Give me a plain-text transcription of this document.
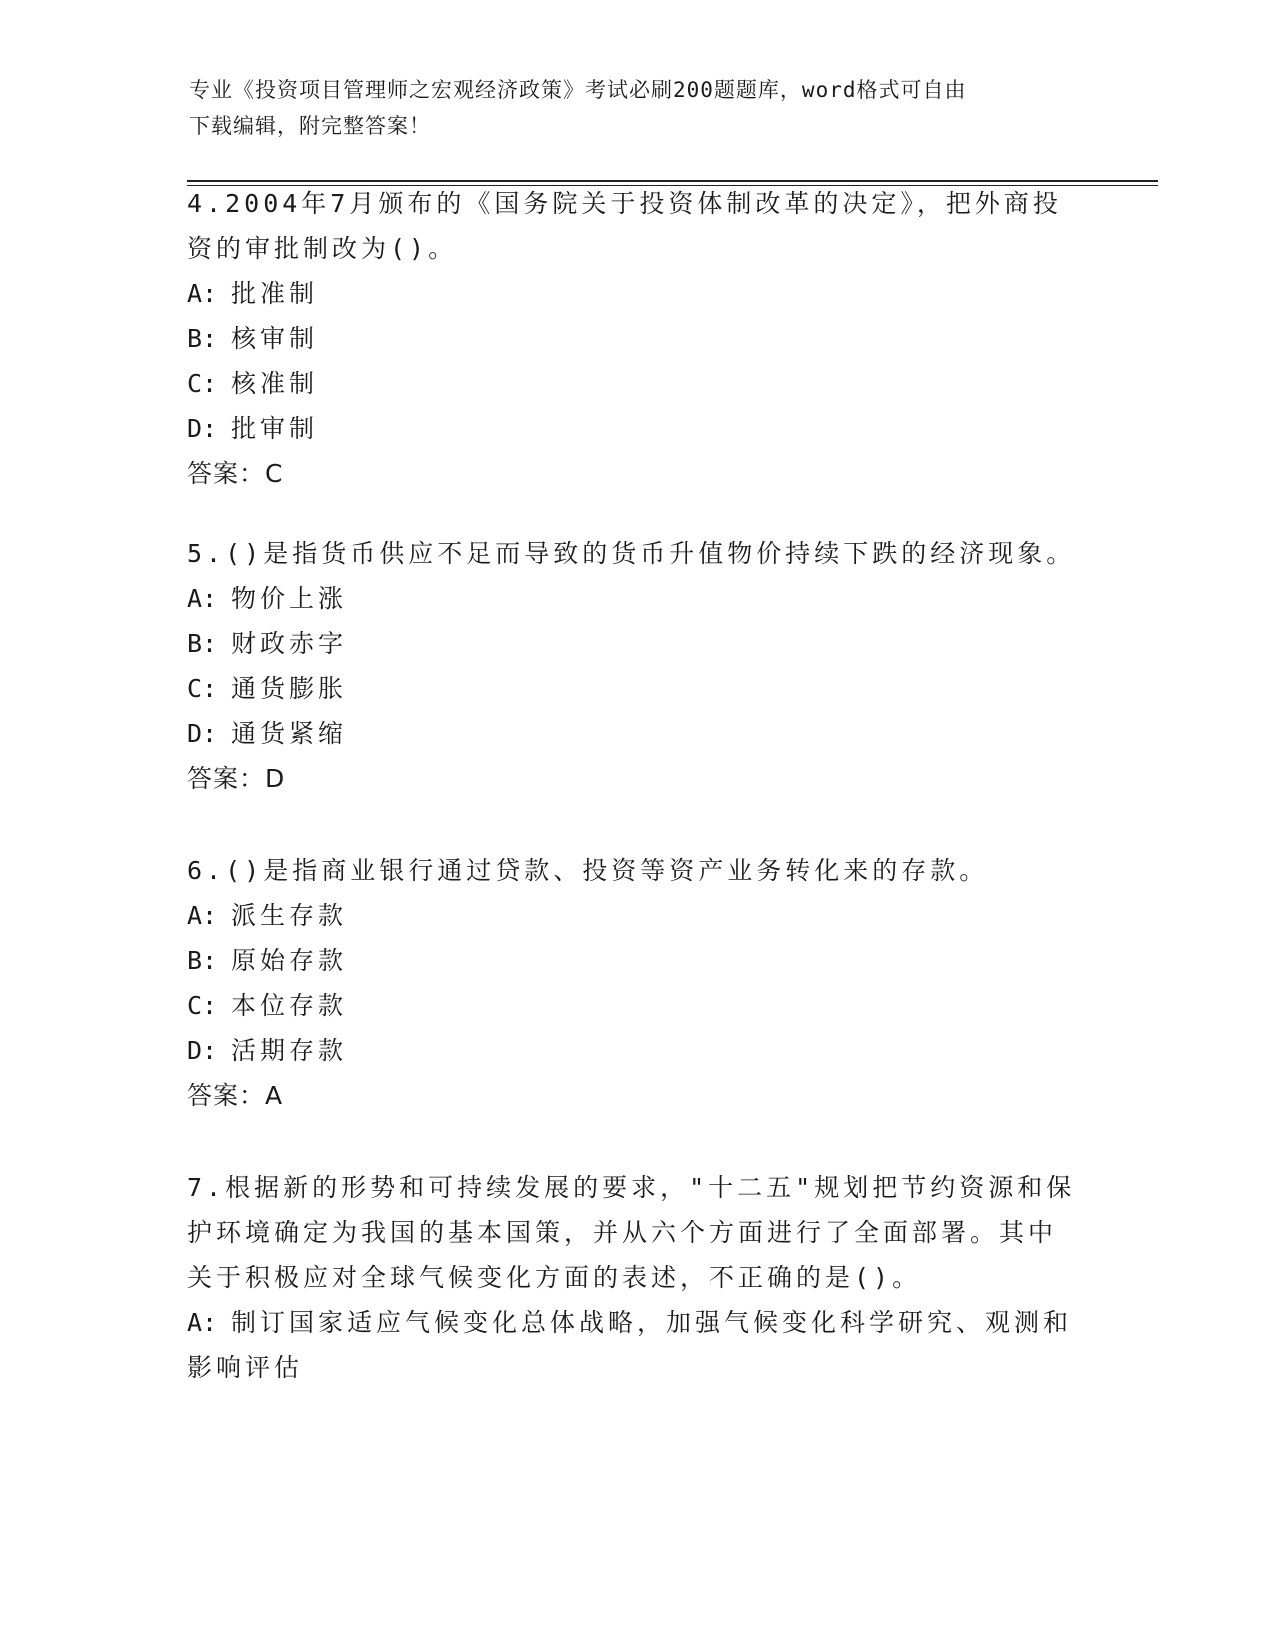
专业《投资项目管理师之宏观经济政策》考试必刷200题题库，word格式可自由
下载编辑，附完整答案！

4.2004年7月颁布的《国务院关于投资体制改革的决定》，把外商投

资的审批制改为()。

A: 批准制

B: 核审制

C: 核准制

D: 批审制

答案：C

5.()是指货币供应不足而导致的货币升值物价持续下跌的经济现象。

A: 物价上涨

B: 财政赤字

C: 通货膨胀

D: 通货紧缩

答案：D

6.()是指商业银行通过贷款、投资等资产业务转化来的存款。

A: 派生存款

B: 原始存款

C: 本位存款

D: 活期存款

答案：A

7.根据新的形势和可持续发展的要求，"十二五"规划把节约资源和保

护环境确定为我国的基本国策，并从六个方面进行了全面部署。其中

关于积极应对全球气候变化方面的表述，不正确的是()。

A: 制订国家适应气候变化总体战略，加强气候变化科学研究、观测和

影响评估
